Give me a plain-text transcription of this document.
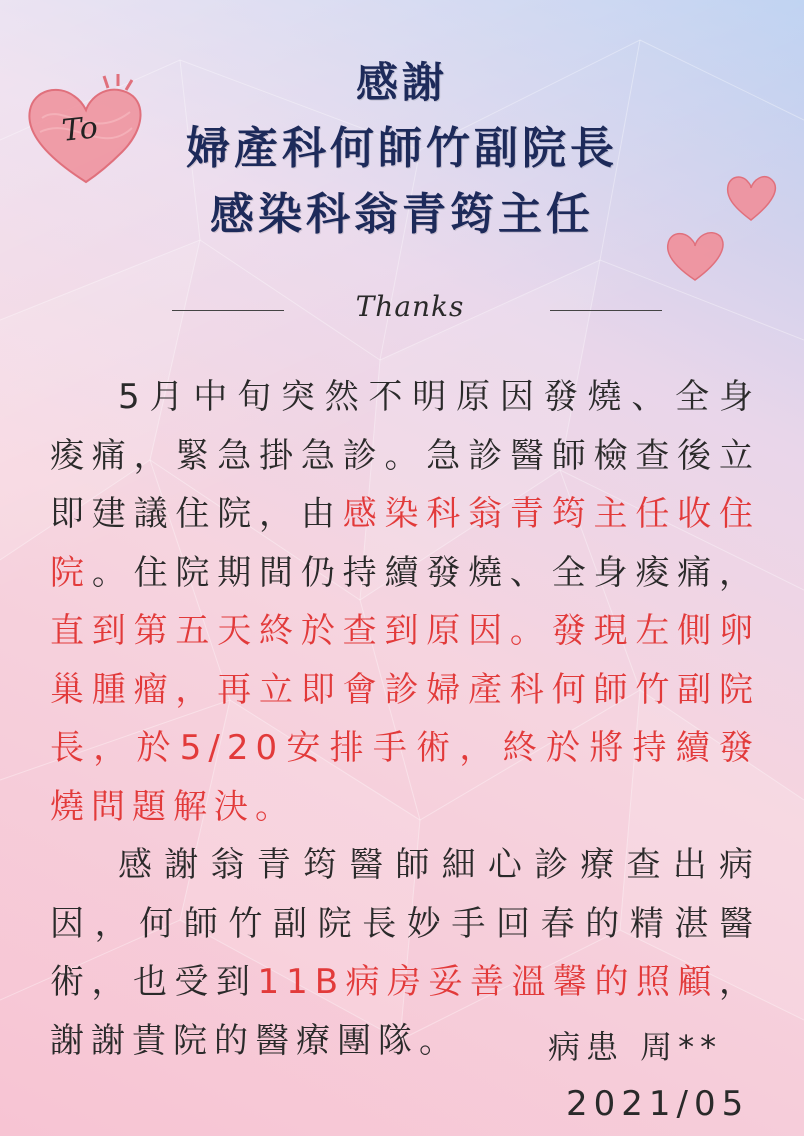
To
感謝
婦產科何師竹副院長
感染科翁青筠主任
Thanks

5月中旬突然不明原因發燒、全身痠痛，緊急掛急診。急診醫師檢查後立即建議住院，由感染科翁青筠主任收住院。住院期間仍持續發燒、全身痠痛，直到第五天終於查到原因。發現左側卵巢腫瘤，再立即會診婦產科何師竹副院長，於5/20安排手術，終於將持續發燒問題解決。

感謝翁青筠醫師細心診療查出病因，何師竹副院長妙手回春的精湛醫術，也受到11B病房妥善溫馨的照顧，謝謝貴院的醫療團隊。	病患 周**
2021/05
